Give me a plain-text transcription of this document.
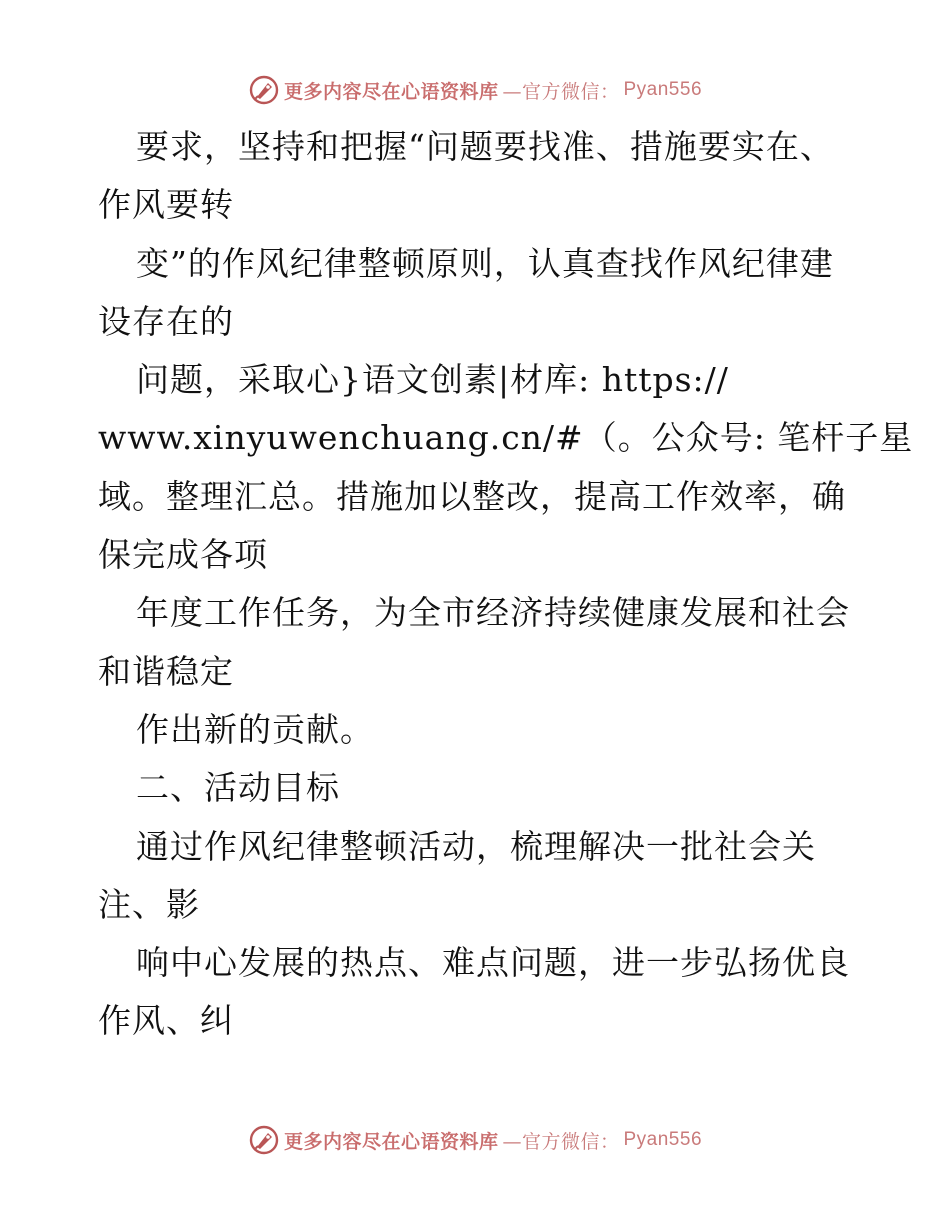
更多内容尽在心语资料库 —官方微信： Pyan556
要求，坚持和把握“问题要找准、措施要实在、
作风要转
变”的作风纪律整顿原则，认真查找作风纪律建
设存在的
问题，采取心}语文创素|材库: https://
www.xinyuwenchuang.cn/#（。公众号: 笔杆子星
域。整理汇总。措施加以整改，提高工作效率，确
保完成各项
年度工作任务，为全市经济持续健康发展和社会
和谐稳定
作出新的贡献。
二、活动目标
通过作风纪律整顿活动，梳理解决一批社会关
注、影
响中心发展的热点、难点问题，进一步弘扬优良
作风、纠
更多内容尽在心语资料库 —官方微信： Pyan556
